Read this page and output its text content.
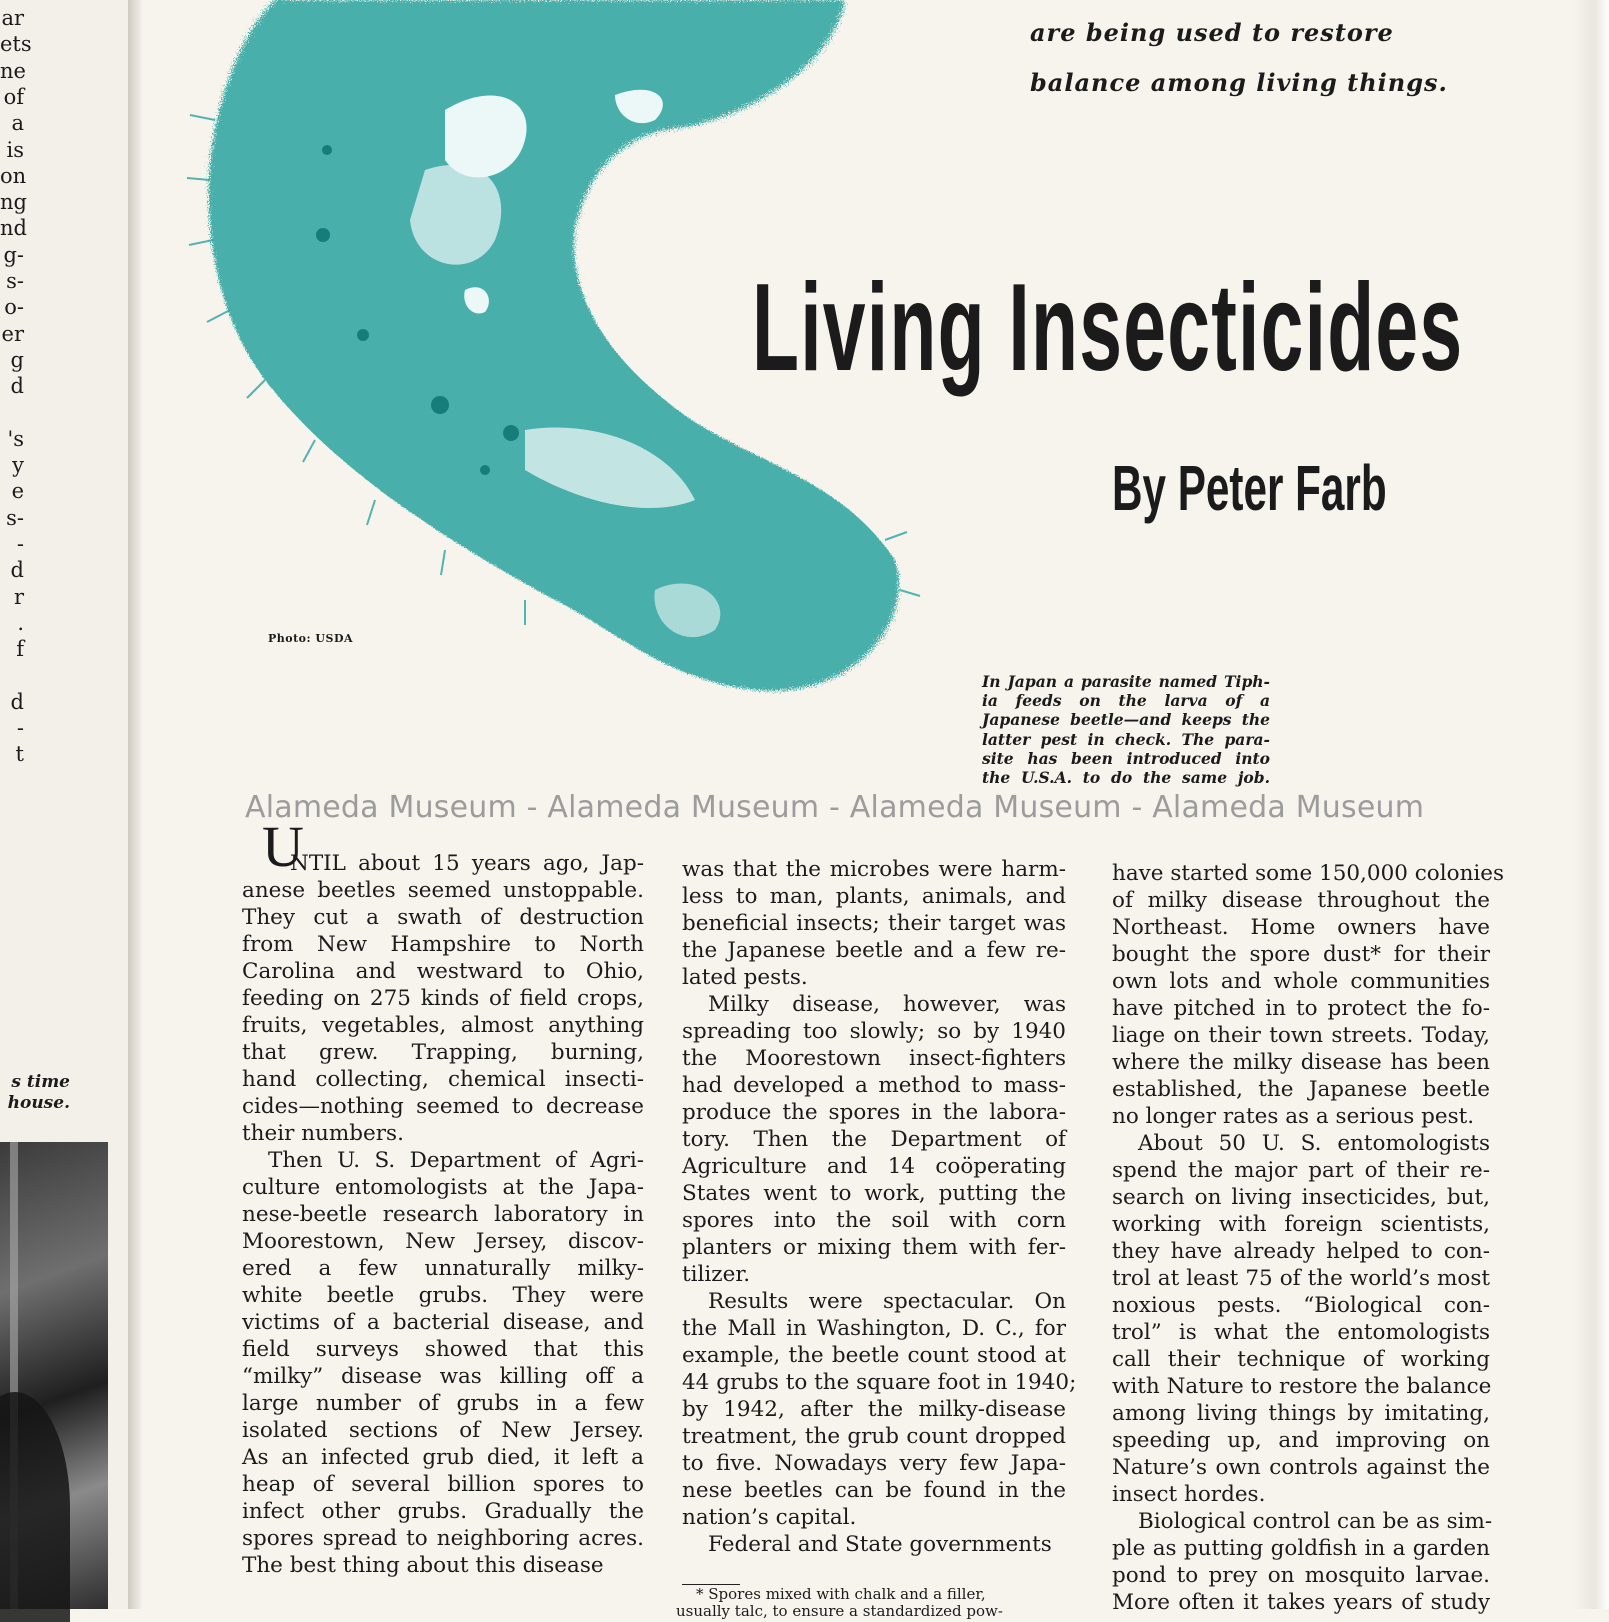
ar
ets
ne
of
a
is
on
ng
nd
g-
s-
o-
er
g
d
's
y
e
s-
-
d
r
.
f
d
-
t
s time
house.
are being used to restore
balance among living things.
Living Insecticides
By Peter Farb
Photo: USDA
In Japan a parasite named Tiph-
ia feeds on the larva of a
Japanese beetle—and keeps the
latter pest in check. The para-
site has been introduced into
the U.S.A. to do the same job.
Alameda Museum - Alameda Museum - Alameda Museum - Alameda Museum
U
NTIL about 15 years ago, Jap-
anese beetles seemed unstoppable.
They cut a swath of destruction
from New Hampshire to North
Carolina and westward to Ohio,
feeding on 275 kinds of field crops,
fruits, vegetables, almost anything
that grew. Trapping, burning,
hand collecting, chemical insecti-
cides—nothing seemed to decrease
their numbers.
Then U. S. Department of Agri-
culture entomologists at the Japa-
nese-beetle research laboratory in
Moorestown, New Jersey, discov-
ered a few unnaturally milky-
white beetle grubs. They were
victims of a bacterial disease, and
field surveys showed that this
“milky” disease was killing off a
large number of grubs in a few
isolated sections of New Jersey.
As an infected grub died, it left a
heap of several billion spores to
infect other grubs. Gradually the
spores spread to neighboring acres.
The best thing about this disease
was that the microbes were harm-
less to man, plants, animals, and
beneficial insects; their target was
the Japanese beetle and a few re-
lated pests.
Milky disease, however, was
spreading too slowly; so by 1940
the Moorestown insect-fighters
had developed a method to mass-
produce the spores in the labora-
tory. Then the Department of
Agriculture and 14 coöperating
States went to work, putting the
spores into the soil with corn
planters or mixing them with fer-
tilizer.
Results were spectacular. On
the Mall in Washington, D. C., for
example, the beetle count stood at
44 grubs to the square foot in 1940;
by 1942, after the milky-disease
treatment, the grub count dropped
to five. Nowadays very few Japa-
nese beetles can be found in the
nation’s capital.
Federal and State governments
have started some 150,000 colonies
of milky disease throughout the
Northeast. Home owners have
bought the spore dust* for their
own lots and whole communities
have pitched in to protect the fo-
liage on their town streets. Today,
where the milky disease has been
established, the Japanese beetle
no longer rates as a serious pest.
About 50 U. S. entomologists
spend the major part of their re-
search on living insecticides, but,
working with foreign scientists,
they have already helped to con-
trol at least 75 of the world’s most
noxious pests. “Biological con-
trol” is what the entomologists
call their technique of working
with Nature to restore the balance
among living things by imitating,
speeding up, and improving on
Nature’s own controls against the
insect hordes.
Biological control can be as sim-
ple as putting goldfish in a garden
pond to prey on mosquito larvae.
More often it takes years of study
* Spores mixed with chalk and a filler,
usually talc, to ensure a standardized pow-
